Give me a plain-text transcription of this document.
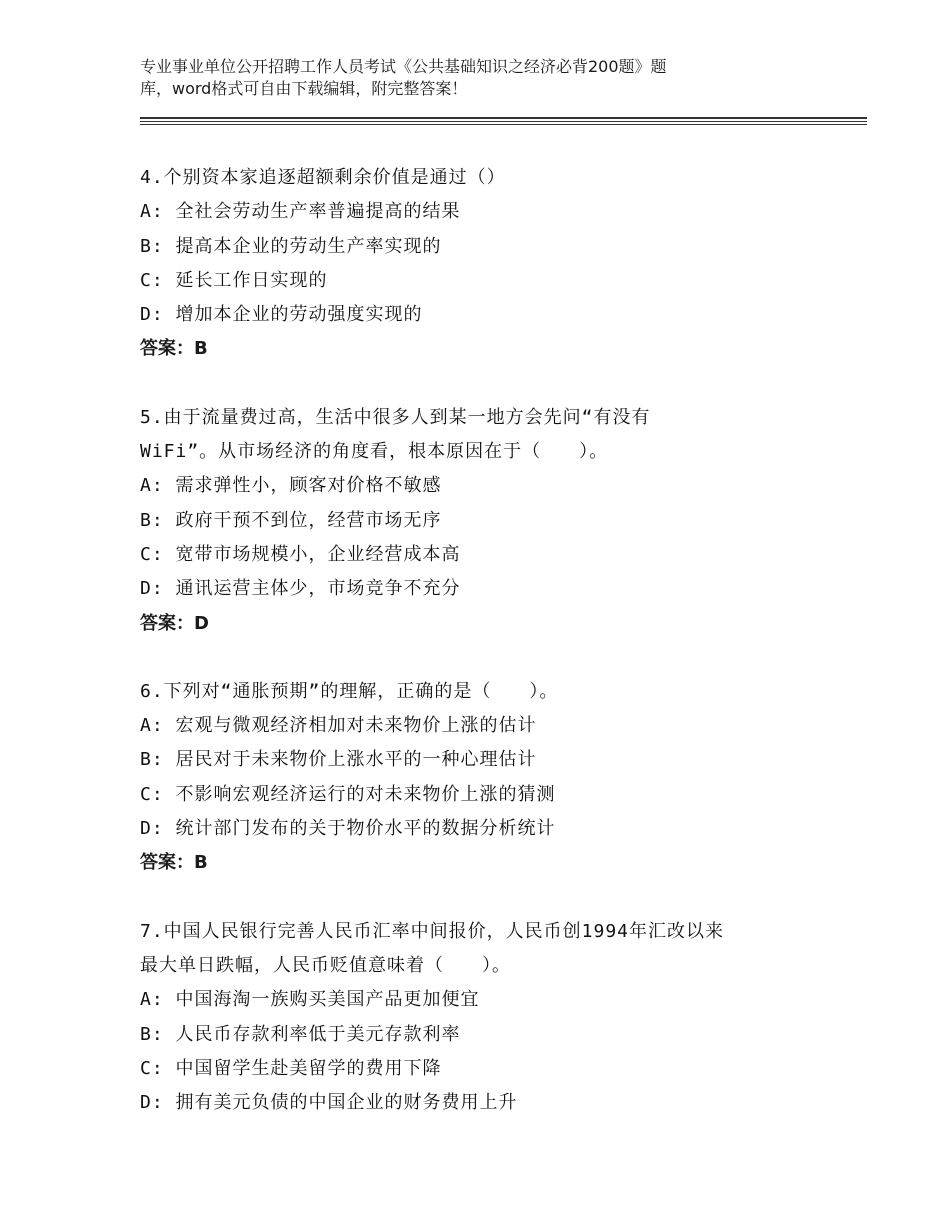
专业事业单位公开招聘工作人员考试《公共基础知识之经济必背200题》题
库，word格式可自由下载编辑，附完整答案！
4.个别资本家追逐超额剩余价值是通过（）
A: 全社会劳动生产率普遍提高的结果
B: 提高本企业的劳动生产率实现的
C: 延长工作日实现的
D: 增加本企业的劳动强度实现的
答案：B
5.由于流量费过高，生活中很多人到某一地方会先问“有没有
WiFi”。从市场经济的角度看，根本原因在于（　　）。
A: 需求弹性小，顾客对价格不敏感
B: 政府干预不到位，经营市场无序
C: 宽带市场规模小，企业经营成本高
D: 通讯运营主体少，市场竞争不充分
答案：D
6.下列对“通胀预期”的理解，正确的是（　　）。
A: 宏观与微观经济相加对未来物价上涨的估计
B: 居民对于未来物价上涨水平的一种心理估计
C: 不影响宏观经济运行的对未来物价上涨的猜测
D: 统计部门发布的关于物价水平的数据分析统计
答案：B
7.中国人民银行完善人民币汇率中间报价，人民币创1994年汇改以来
最大单日跌幅，人民币贬值意味着（　　）。
A: 中国海淘一族购买美国产品更加便宜
B: 人民币存款利率低于美元存款利率
C: 中国留学生赴美留学的费用下降
D: 拥有美元负债的中国企业的财务费用上升
